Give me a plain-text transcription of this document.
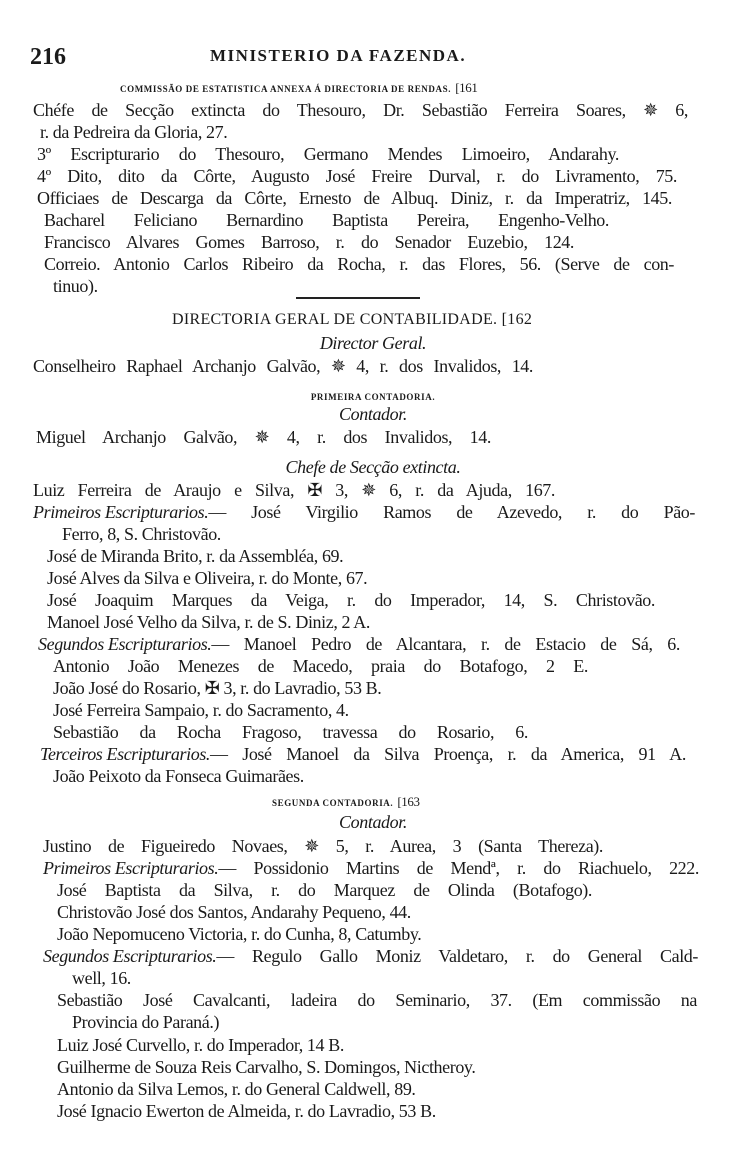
216	MINISTERIO DA FAZENDA.
COMMISSÃO DE ESTATISTICA ANNEXA Á DIRECTORIA DE RENDAS. [161
Chéfe de Secção extincta do Thesouro, Dr. Sebastião Ferreira Soares, ✵ 6,
r. da Pedreira da Gloria, 27.
3º Escripturario do Thesouro, Germano Mendes Limoeiro, Andarahy.
4º Dito, dito da Côrte, Augusto José Freire Durval, r. do Livramento, 75.
Officiaes de Descarga da Côrte, Ernesto de Albuq. Diniz, r. da Imperatriz, 145.
Bacharel Feliciano Bernardino Baptista Pereira, Engenho-Velho.
Francisco Alvares Gomes Barroso, r. do Senador Euzebio, 124.
Correio. Antonio Carlos Ribeiro da Rocha, r. das Flores, 56. (Serve de con-
tinuo).
DIRECTORIA GERAL DE CONTABILIDADE. [162
Director Geral.
Conselheiro Raphael Archanjo Galvão, ✵ 4, r. dos Invalidos, 14.
PRIMEIRA CONTADORIA.
Contador.
Miguel Archanjo Galvão, ✵ 4, r. dos Invalidos, 14.
Chefe de Secção extincta.
Luiz Ferreira de Araujo e Silva, ✠ 3, ✵ 6, r. da Ajuda, 167.
Primeiros Escripturarios. — José Virgilio Ramos de Azevedo, r. do Pão-
Ferro, 8, S. Christovão.
José de Miranda Brito, r. da Assembléa, 69.
José Alves da Silva e Oliveira, r. do Monte, 67.
José Joaquim Marques da Veiga, r. do Imperador, 14, S. Christovão.
Manoel José Velho da Silva, r. de S. Diniz, 2 A.
Segundos Escripturarios. — Manoel Pedro de Alcantara, r. de Estacio de Sá, 6.
Antonio João Menezes de Macedo, praia do Botafogo, 2 E.
João José do Rosario, ✠ 3, r. do Lavradio, 53 B.
José Ferreira Sampaio, r. do Sacramento, 4.
Sebastião da Rocha Fragoso, travessa do Rosario, 6.
Terceiros Escripturarios. — José Manoel da Silva Proença, r. da America, 91 A.
João Peixoto da Fonseca Guimarães.
SEGUNDA CONTADORIA. [163
Contador.
Justino de Figueiredo Novaes, ✵ 5, r. Aurea, 3 (Santa Thereza).
Primeiros Escripturarios. — Possidonio Martins de Mendª, r. do Riachuelo, 222.
José Baptista da Silva, r. do Marquez de Olinda (Botafogo).
Christovão José dos Santos, Andarahy Pequeno, 44.
João Nepomuceno Victoria, r. do Cunha, 8, Catumby.
Segundos Escripturarios. — Regulo Gallo Moniz Valdetaro, r. do General Cald-
well, 16.
Sebastião José Cavalcanti, ladeira do Seminario, 37. (Em commissão na
Provincia do Paraná.)
Luiz José Curvello, r. do Imperador, 14 B.
Guilherme de Souza Reis Carvalho, S. Domingos, Nictheroy.
Antonio da Silva Lemos, r. do General Caldwell, 89.
José Ignacio Ewerton de Almeida, r. do Lavradio, 53 B.
